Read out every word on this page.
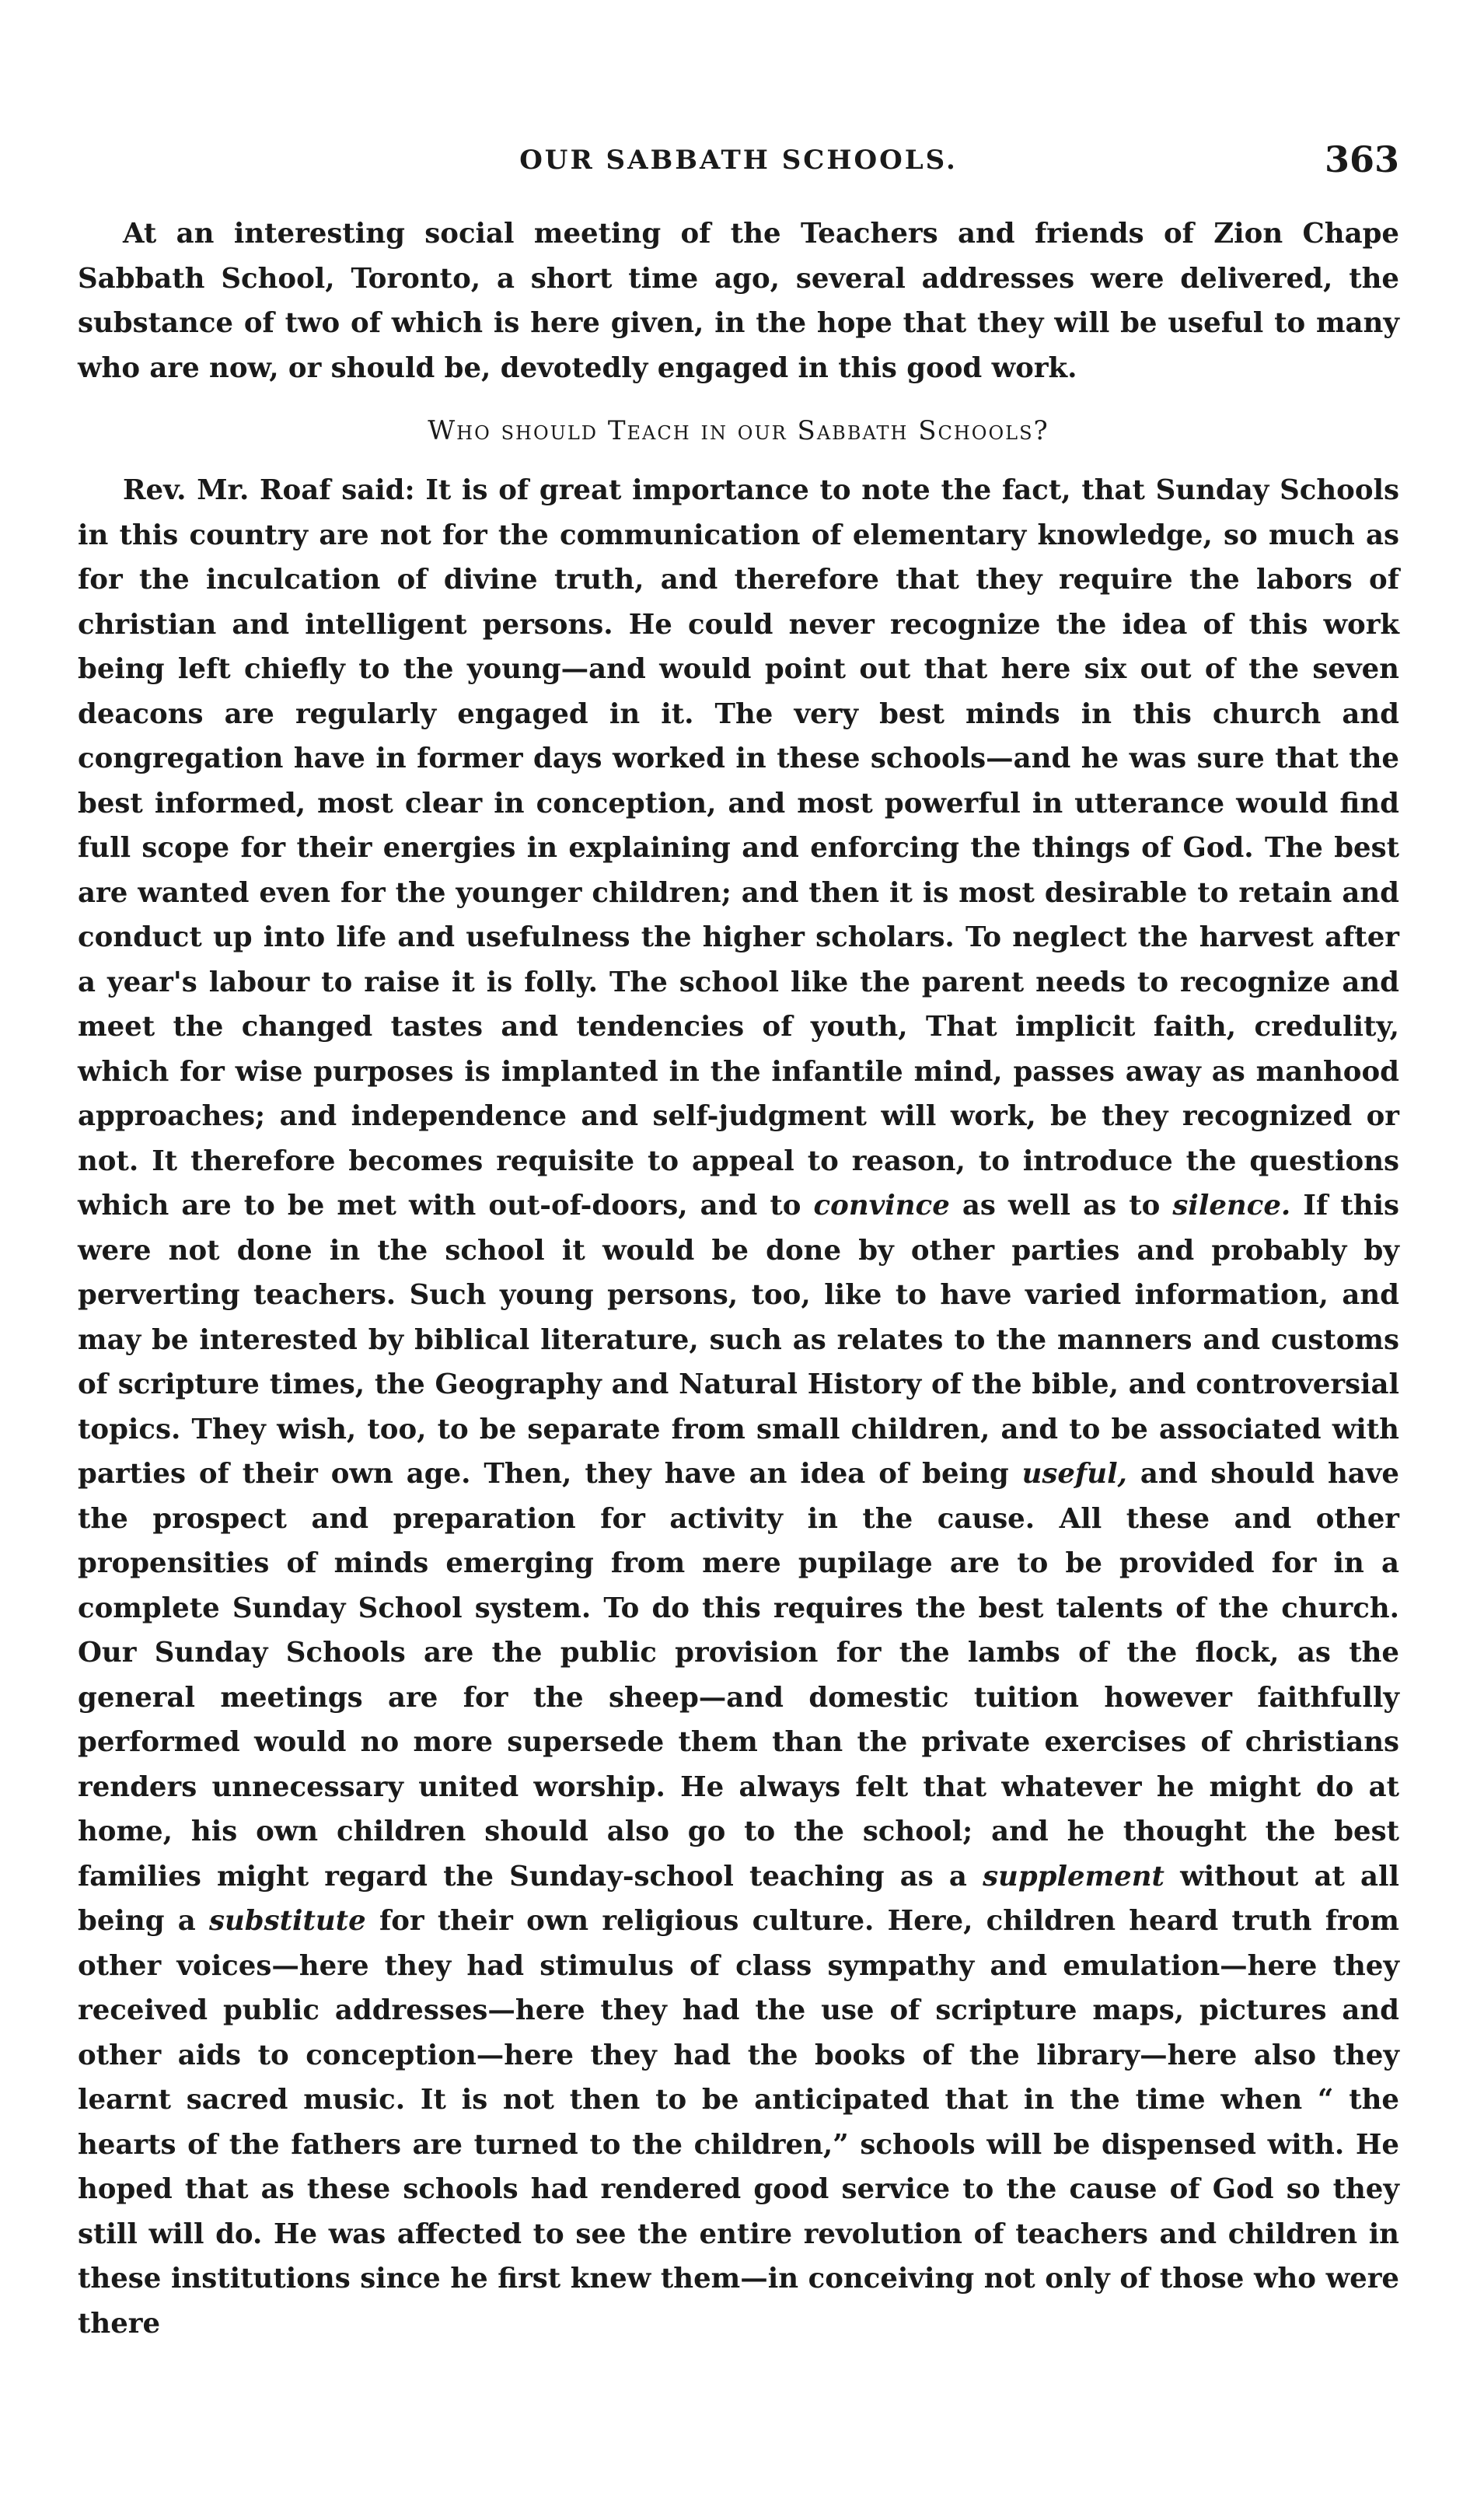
OUR SABBATH SCHOOLS.	363

At an interesting social meeting of the Teachers and friends of Zion Chape Sabbath School, Toronto, a short time ago, several addresses were delivered, the substance of two of which is here given, in the hope that they will be useful to many who are now, or should be, devotedly engaged in this good work.

Who should Teach in our Sabbath Schools?

Rev. Mr. Roaf said: It is of great importance to note the fact, that Sunday Schools in this country are not for the communication of elementary knowledge, so much as for the inculcation of divine truth, and therefore that they require the labors of christian and intelligent persons. He could never recognize the idea of this work being left chiefly to the young—and would point out that here six out of the seven deacons are regularly engaged in it. The very best minds in this church and congregation have in former days worked in these schools—and he was sure that the best informed, most clear in conception, and most powerful in utterance would find full scope for their energies in explaining and enforcing the things of God. The best are wanted even for the younger children; and then it is most desirable to retain and conduct up into life and usefulness the higher scholars. To neglect the harvest after a year's labour to raise it is folly. The school like the parent needs to recognize and meet the changed tastes and tendencies of youth, That implicit faith, credulity, which for wise purposes is implanted in the infantile mind, passes away as manhood approaches; and independence and self-judgment will work, be they recognized or not. It therefore becomes requisite to appeal to reason, to introduce the questions which are to be met with out-of-doors, and to convince as well as to silence. If this were not done in the school it would be done by other parties and probably by perverting teachers. Such young persons, too, like to have varied information, and may be interested by biblical literature, such as relates to the manners and customs of scripture times, the Geography and Natural History of the bible, and controversial topics. They wish, too, to be separate from small children, and to be associated with parties of their own age. Then, they have an idea of being useful, and should have the prospect and preparation for activity in the cause. All these and other propensities of minds emerging from mere pupilage are to be provided for in a complete Sunday School system. To do this requires the best talents of the church. Our Sunday Schools are the public provision for the lambs of the flock, as the general meetings are for the sheep—and domestic tuition however faithfully performed would no more supersede them than the private exercises of christians renders unnecessary united worship. He always felt that whatever he might do at home, his own children should also go to the school; and he thought the best families might regard the Sunday-school teaching as a supplement without at all being a substitute for their own religious culture. Here, children heard truth from other voices—here they had stimulus of class sympathy and emulation—here they received public addresses—here they had the use of scripture maps, pictures and other aids to conception—here they had the books of the library—here also they learnt sacred music. It is not then to be anticipated that in the time when “ the hearts of the fathers are turned to the children,” schools will be dispensed with. He hoped that as these schools had rendered good service to the cause of God so they still will do. He was affected to see the entire revolution of teachers and children in these institutions since he first knew them—in conceiving not only of those who were there
